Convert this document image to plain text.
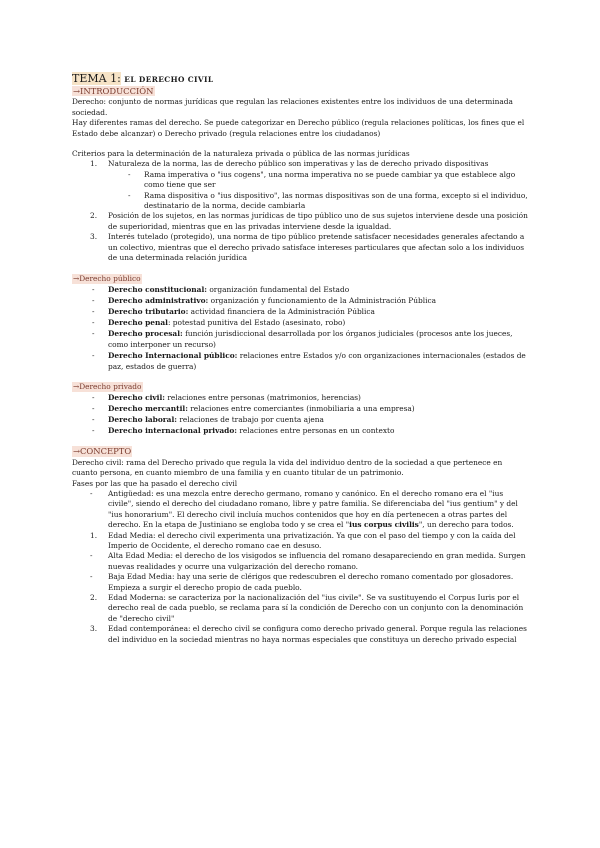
TEMA 1: EL DERECHO CIVIL

→INTRODUCCIÓN

Derecho: conjunto de normas jurídicas que regulan las relaciones existentes entre los individuos de una determinada sociedad.

Hay diferentes ramas del derecho. Se puede categorizar en Derecho público (regula relaciones políticas, los fines que el Estado debe alcanzar) o Derecho privado (regula relaciones entre los ciudadanos)

Criterios para la determinación de la naturaleza privada o pública de las normas jurídicas

1. Naturaleza de la norma, las de derecho público son imperativas y las de derecho privado dispositivas
- Rama imperativa o "ius cogens", una norma imperativa no se puede cambiar ya que establece algo como tiene que ser
- Rama dispositiva o "ius dispositivo", las normas dispositivas son de una forma, excepto si el individuo, destinatario de la norma, decide cambiarla
2. Posición de los sujetos, en las normas jurídicas de tipo público uno de sus sujetos interviene desde una posición de superioridad, mientras que en las privadas interviene desde la igualdad.
3. Interés tutelado (protegido), una norma de tipo público pretende satisfacer necesidades generales afectando a un colectivo, mientras que el derecho privado satisface intereses particulares que afectan solo a los individuos de una determinada relación jurídica
→Derecho público
- Derecho constitucional: organización fundamental del Estado
- Derecho administrativo: organización y funcionamiento de la Administración Pública
- Derecho tributario: actividad financiera de la Administración Pública
- Derecho penal: potestad punitiva del Estado (asesinato, robo)
- Derecho procesal: función jurisdiccional desarrollada por los órganos judiciales (procesos ante los jueces, como interponer un recurso)
- Derecho Internacional público: relaciones entre Estados y/o con organizaciones internacionales (estados de paz, estados de guerra)
→Derecho privado
- Derecho civil: relaciones entre personas (matrimonios, herencias)
- Derecho mercantil: relaciones entre comerciantes (inmobiliaria a una empresa)
- Derecho laboral: relaciones de trabajo por cuenta ajena
- Derecho internacional privado: relaciones entre personas en un contexto
→CONCEPTO

Derecho civil: rama del Derecho privado que regula la vida del individuo dentro de la sociedad a que pertenece en cuanto persona, en cuanto miembro de una familia y en cuanto titular de un patrimonio.

Fases por las que ha pasado el derecho civil

- Antigüedad: es una mezcla entre derecho germano, romano y canónico. En el derecho romano era el "ius civile", siendo el derecho del ciudadano romano, libre y patre familia. Se diferenciaba del "ius gentium" y del "ius honorarium". El derecho civil incluía muchos contenidos que hoy en día pertenecen a otras partes del derecho. En la etapa de Justiniano se engloba todo y se crea el "ius corpus civilis", un derecho para todos.
1. Edad Media: el derecho civil experimenta una privatización. Ya que con el paso del tiempo y con la caída del Imperio de Occidente, el derecho romano cae en desuso.
- Alta Edad Media: el derecho de los visigodos se influencia del romano desapareciendo en gran medida. Surgen nuevas realidades y ocurre una vulgarización del derecho romano.
- Baja Edad Media: hay una serie de clérigos que redescubren el derecho romano comentado por glosadores. Empieza a surgir el derecho propio de cada pueblo.
2. Edad Moderna: se caracteriza por la nacionalización del "ius civile". Se va sustituyendo el Corpus Iuris por el derecho real de cada pueblo, se reclama para sí la condición de Derecho con un conjunto con la denominación de "derecho civil"
3. Edad contemporánea: el derecho civil se configura como derecho privado general. Porque regula las relaciones del individuo en la sociedad mientras no haya normas especiales que constituya un derecho privado especial
